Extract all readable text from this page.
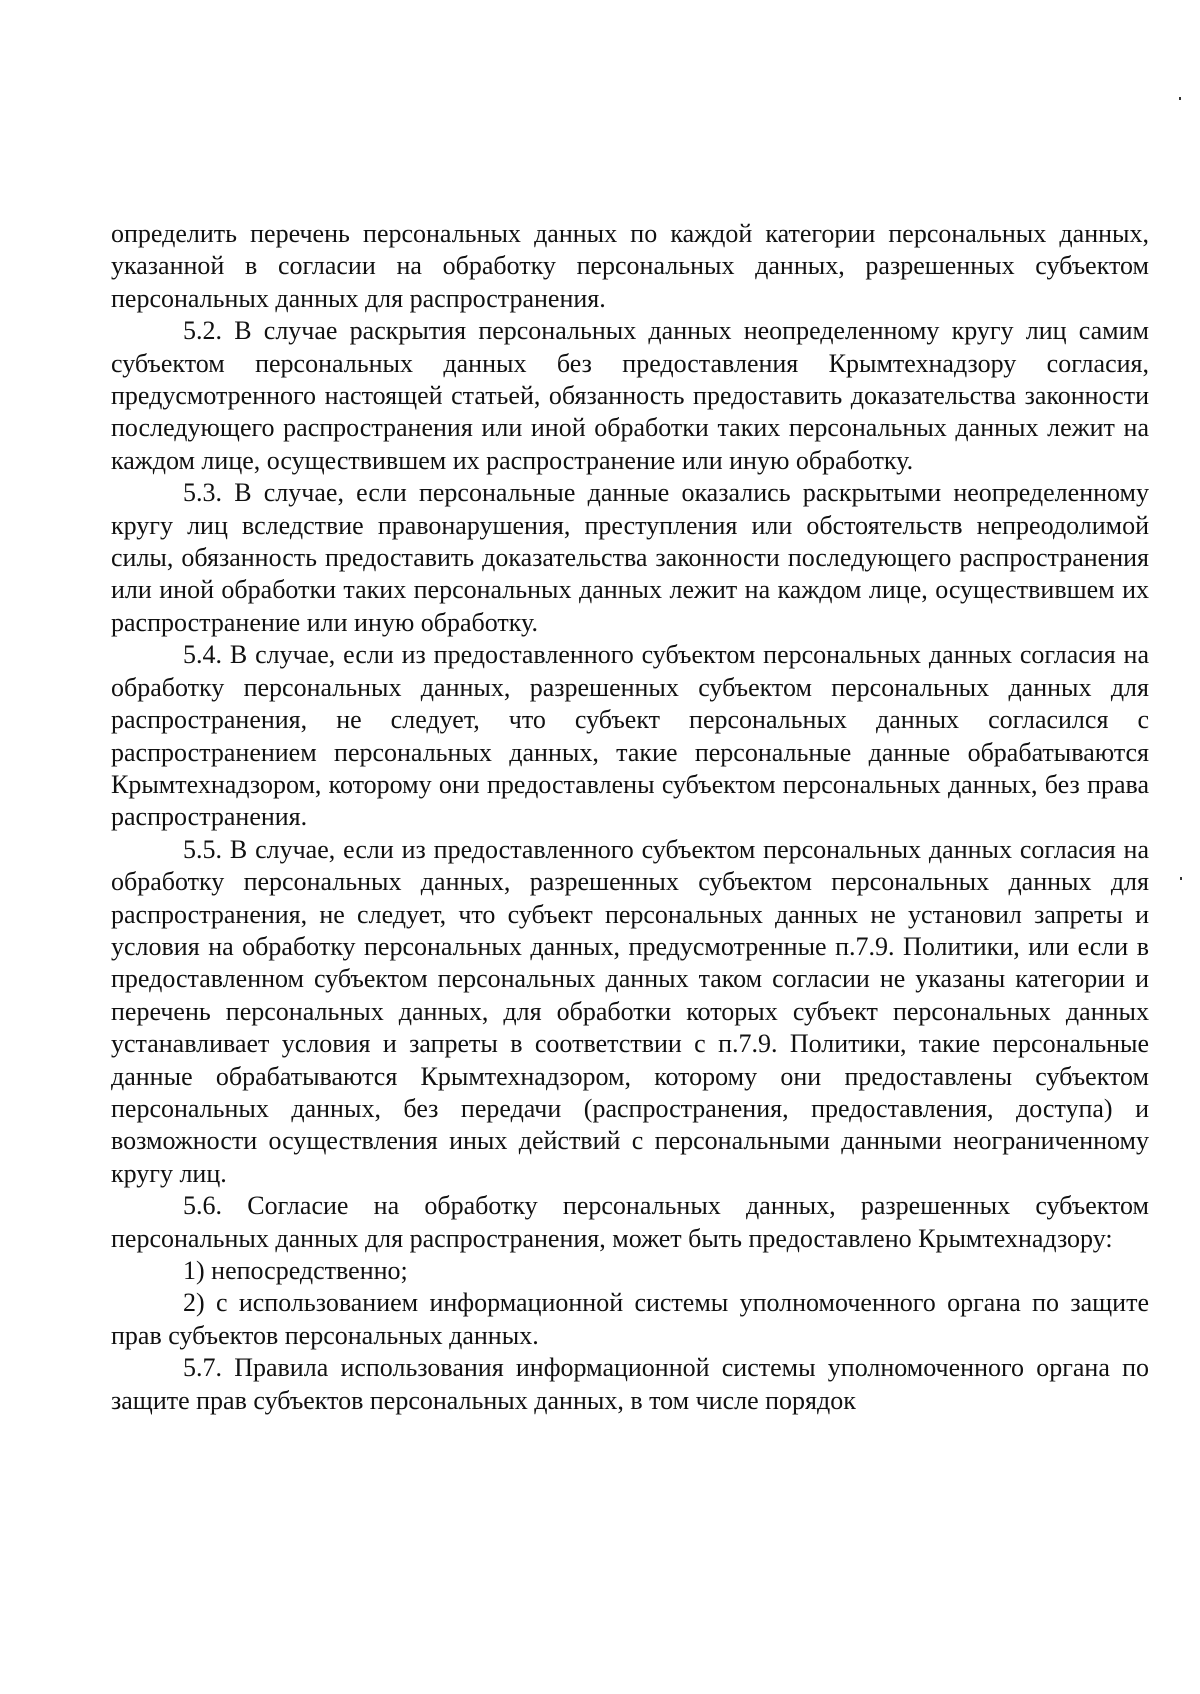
определить перечень персональных данных по каждой категории персональных данных, указанной в согласии на обработку персональных данных, разрешенных субъектом персональных данных для распространения.

5.2. В случае раскрытия персональных данных неопределенному кругу лиц самим субъектом персональных данных без предоставления Крымтехнадзору согласия, предусмотренного настоящей статьей, обязанность предоставить доказательства законности последующего распространения или иной обработки таких персональных данных лежит на каждом лице, осуществившем их распространение или иную обработку.

5.3. В случае, если персональные данные оказались раскрытыми неопределенному кругу лиц вследствие правонарушения, преступления или обстоятельств непреодолимой силы, обязанность предоставить доказательства законности последующего распространения или иной обработки таких персональных данных лежит на каждом лице, осуществившем их распространение или иную обработку.

5.4. В случае, если из предоставленного субъектом персональных данных согласия на обработку персональных данных, разрешенных субъектом персональных данных для распространения, не следует, что субъект персональных данных согласился с распространением персональных данных, такие персональные данные обрабатываются Крымтехнадзором, которому они предоставлены субъектом персональных данных, без права распространения.

5.5. В случае, если из предоставленного субъектом персональных данных согласия на обработку персональных данных, разрешенных субъектом персональных данных для распространения, не следует, что субъект персональных данных не установил запреты и условия на обработку персональных данных, предусмотренные п.7.9. Политики, или если в предоставленном субъектом персональных данных таком согласии не указаны категории и перечень персональных данных, для обработки которых субъект персональных данных устанавливает условия и запреты в соответствии с п.7.9. Политики, такие персональные данные обрабатываются Крымтехнадзором, которому они предоставлены субъектом персональных данных, без передачи (распространения, предоставления, доступа) и возможности осуществления иных действий с персональными данными неограниченному кругу лиц.

5.6. Согласие на обработку персональных данных, разрешенных субъектом персональных данных для распространения, может быть предоставлено Крымтехнадзору:

1) непосредственно;

2) с использованием информационной системы уполномоченного органа по защите прав субъектов персональных данных.

5.7. Правила использования информационной системы уполномоченного органа по защите прав субъектов персональных данных, в том числе порядок
